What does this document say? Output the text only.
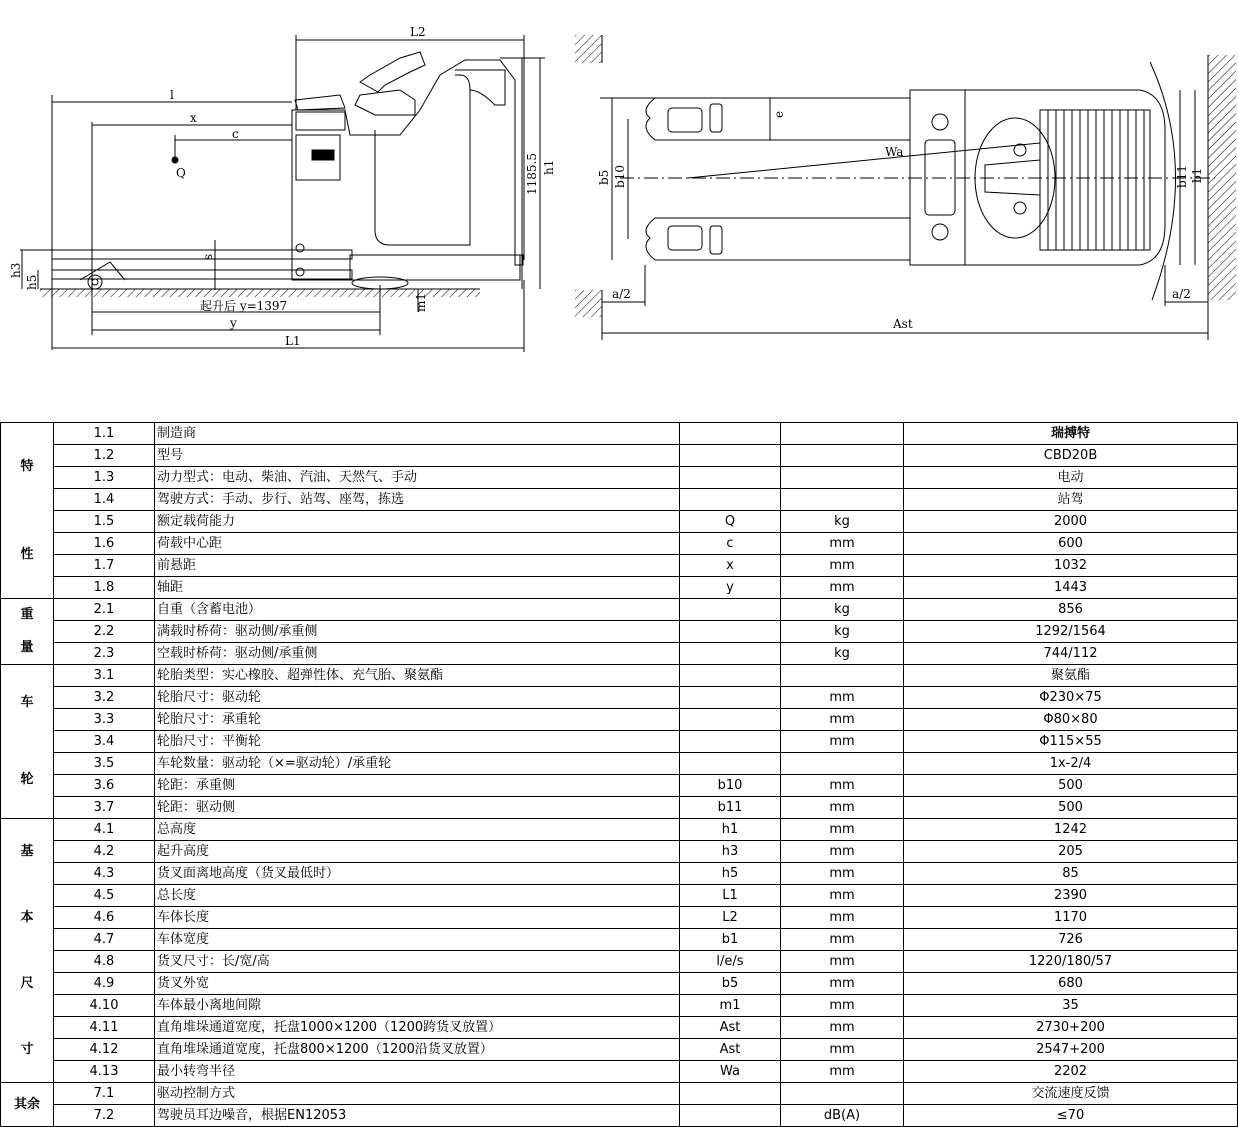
L2
l
x
c
Q	1185.5 h1
s
h3
h5
m1
起升后 y=1397
y
L1
e
Wa
b5 b10	b11 b1
a/2	a/2
Ast
特
性	1.1	制造商			瑞搏特
	1.2	型号			CBD20B
	1.3	动力型式：电动、柴油、汽油、天然气、手动			电动
	1.4	驾驶方式：手动、步行、站驾、座驾，拣选			站驾
	1.5	额定载荷能力	Q	kg	2000
	1.6	荷载中心距	c	mm	600
	1.7	前悬距	x	mm	1032
	1.8	轴距	y	mm	1443

重
量	2.1	自重（含蓄电池）		kg	856
	2.2	满载时桥荷：驱动侧/承重侧		kg	1292/1564
	2.3	空载时桥荷：驱动侧/承重侧		kg	744/112

车
轮	3.1	轮胎类型：实心橡胶、超弹性体、充气胎、聚氨酯			聚氨酯
	3.2	轮胎尺寸：驱动轮		mm	Φ230×75
	3.3	轮胎尺寸：承重轮		mm	Φ80×80
	3.4	轮胎尺寸：平衡轮		mm	Φ115×55
	3.5	车轮数量：驱动轮（×=驱动轮）/承重轮			1x-2/4
	3.6	轮距：承重侧	b10	mm	500
	3.7	轮距：驱动侧	b11	mm	500

基
本
尺
寸	4.1	总高度	h1	mm	1242
	4.2	起升高度	h3	mm	205
	4.3	货叉面离地高度（货叉最低时）	h5	mm	85
	4.5	总长度	L1	mm	2390
	4.6	车体长度	L2	mm	1170
	4.7	车体宽度	b1	mm	726
	4.8	货叉尺寸：长/宽/高	l/e/s	mm	1220/180/57
	4.9	货叉外宽	b5	mm	680
	4.10	车体最小离地间隙	m1	mm	35
	4.11	直角堆垛通道宽度，托盘1000×1200（1200跨货叉放置）	Ast	mm	2730+200
	4.12	直角堆垛通道宽度，托盘800×1200（1200沿货叉放置）	Ast	mm	2547+200
	4.13	最小转弯半径	Wa	mm	2202

其余	7.1	驱动控制方式			交流速度反馈
	7.2	驾驶员耳边噪音，根据EN12053		dB(A)	≤70
